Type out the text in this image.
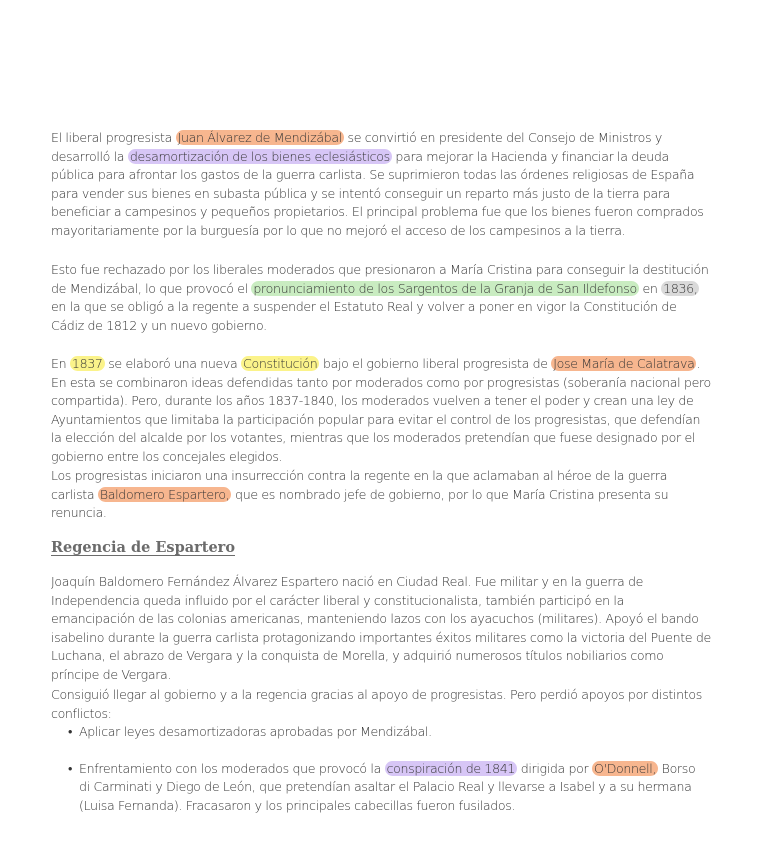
El liberal progresista Juan Álvarez de Mendizábal se convirtió en presidente del Consejo de Ministros y desarrolló la desamortización de los bienes eclesiásticos para mejorar la Hacienda y financiar la deuda pública para afrontar los gastos de la guerra carlista. Se suprimieron todas las órdenes religiosas de España para vender sus bienes en subasta pública y se intentó conseguir un reparto más justo de la tierra para beneficiar a campesinos y pequeños propietarios. El principal problema fue que los bienes fueron comprados mayoritariamente por la burguesía por lo que no mejoró el acceso de los campesinos a la tierra.

Esto fue rechazado por los liberales moderados que presionaron a María Cristina para conseguir la destitución de Mendizábal, lo que provocó el pronunciamiento de los Sargentos de la Granja de San Ildefonso en 1836, en la que se obligó a la regente a suspender el Estatuto Real y volver a poner en vigor la Constitución de Cádiz de 1812 y un nuevo gobierno.

En 1837 se elaboró una nueva Constitución bajo el gobierno liberal progresista de Jose María de Calatrava . En esta se combinaron ideas defendidas tanto por moderados como por progresistas (soberanía nacional pero compartida). Pero, durante los años 1837-1840, los moderados vuelven a tener el poder y crean una ley de Ayuntamientos que limitaba la participación popular para evitar el control de los progresistas, que defendían la elección del alcalde por los votantes, mientras que los moderados pretendían que fuese designado por el gobierno entre los concejales elegidos.

Los progresistas iniciaron una insurrección contra la regente en la que aclamaban al héroe de la guerra carlista Baldomero Espartero, que es nombrado jefe de gobierno, por lo que María Cristina presenta su renuncia.

Regencia de Espartero

Joaquín Baldomero Fernández Álvarez Espartero nació en Ciudad Real. Fue militar y en la guerra de Independencia queda influido por el carácter liberal y constitucionalista, también participó en la emancipación de las colonias americanas, manteniendo lazos con los ayacuchos (militares). Apoyó el bando isabelino durante la guerra carlista protagonizando importantes éxitos militares como la victoria del Puente de Luchana, el abrazo de Vergara y la conquista de Morella, y adquirió numerosos títulos nobiliarios como príncipe de Vergara.

Consiguió llegar al gobierno y a la regencia gracias al apoyo de progresistas. Pero perdió apoyos por distintos conflictos:

• Aplicar leyes desamortizadoras aprobadas por Mendizábal.
• Enfrentamiento con los moderados que provocó la conspiración de 1841 dirigida por O'Donnell, Borso di Carminati y Diego de León, que pretendían asaltar el Palacio Real y llevarse a Isabel y a su hermana (Luisa Fernanda). Fracasaron y los principales cabecillas fueron fusilados.
